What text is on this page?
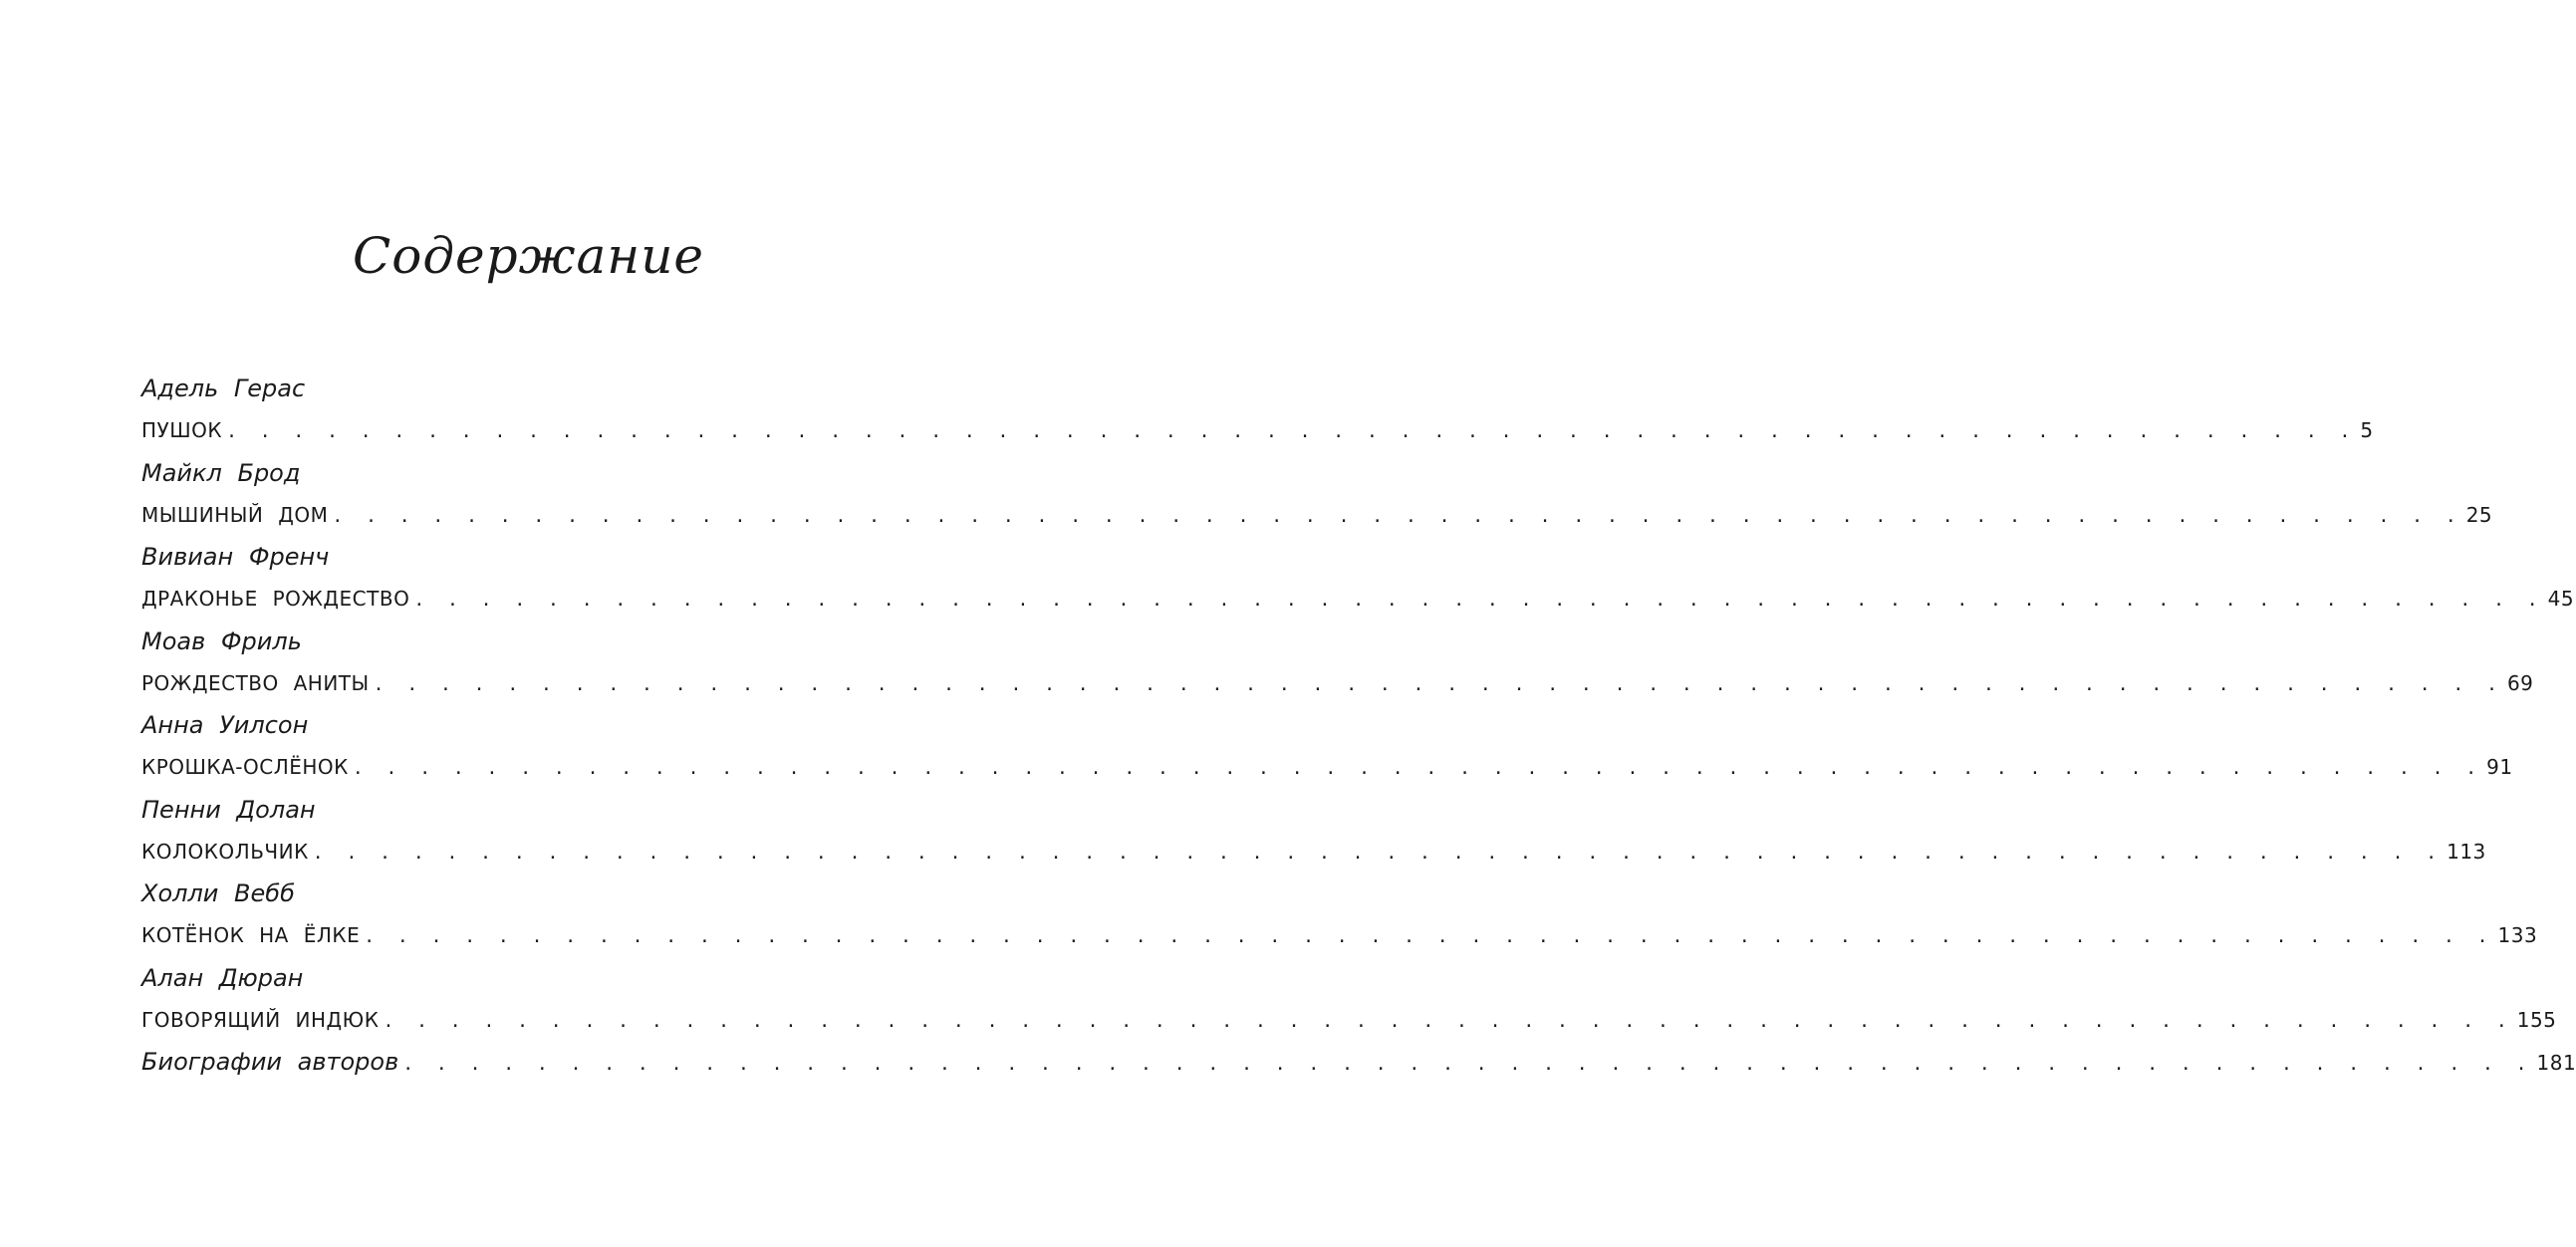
Содержание
Адель Герас
ПУШОК . . . . . . . . . . . . . . . . . . . . . . . . . . . . . . . . . . . . . . . . . . . . . . . . . . . . . . . . . . . . . . . . 5
Майкл Брод
МЫШИНЫЙ ДОМ . . . . . . . . . . . . . . . . . . . . . . . . . . . . . . . . . . . . . . . . . . . . . . . . . . . . . . . . . . . . . . . . 25
Вивиан Френч
ДРАКОНЬЕ РОЖДЕСТВО . . . . . . . . . . . . . . . . . . . . . . . . . . . . . . . . . . . . . . . . . . . . . . . . . . . . . . . . . . . . . . . . 45
Моав Фриль
РОЖДЕСТВО АНИТЫ . . . . . . . . . . . . . . . . . . . . . . . . . . . . . . . . . . . . . . . . . . . . . . . . . . . . . . . . . . . . . . . . 69
Анна Уилсон
КРОШКА-ОСЛЁНОК . . . . . . . . . . . . . . . . . . . . . . . . . . . . . . . . . . . . . . . . . . . . . . . . . . . . . . . . . . . . . . . . 91
Пенни Долан
КОЛОКОЛЬЧИК . . . . . . . . . . . . . . . . . . . . . . . . . . . . . . . . . . . . . . . . . . . . . . . . . . . . . . . . . . . . . . . . 113
Холли Вебб
КОТЁНОК НА ЁЛКЕ . . . . . . . . . . . . . . . . . . . . . . . . . . . . . . . . . . . . . . . . . . . . . . . . . . . . . . . . . . . . . . . . 133
Алан Дюран
ГОВОРЯЩИЙ ИНДЮК . . . . . . . . . . . . . . . . . . . . . . . . . . . . . . . . . . . . . . . . . . . . . . . . . . . . . . . . . . . . . . . . 155
Биографии авторов . . . . . . . . . . . . . . . . . . . . . . . . . . . . . . . . . . . . . . . . . . . . . . . . . . . . . . . . . . . . . . . . 181
